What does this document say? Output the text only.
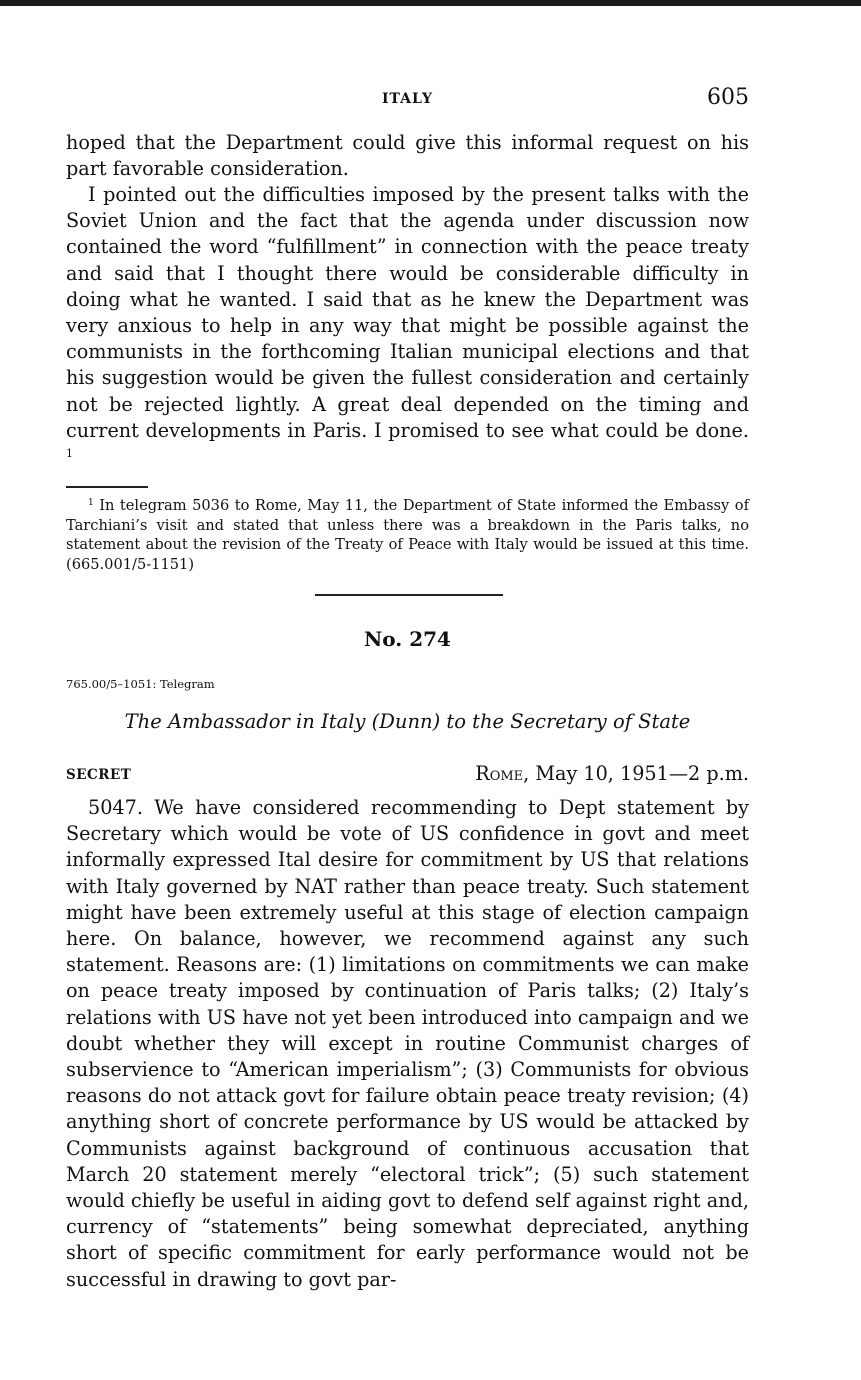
ITALY	605

hoped that the Department could give this informal request on his

part favorable consideration.

I pointed out the difficulties imposed by the present talks with the Soviet Union and the fact that the agenda under discussion now contained the word “fulfillment” in connection with the peace treaty and said that I thought there would be considerable difficulty in doing what he wanted. I said that as he knew the Department was very anxious to help in any way that might be possible against the communists in the forthcoming Italian municipal elections and that his suggestion would be given the fullest consideration and certainly not be rejected lightly. A great deal depended on the timing and current developments in Paris. I promised to see what could be done. $^1$

$^1$ In telegram 5036 to Rome, May 11, the Department of State informed the Embassy of Tarchiani’s visit and stated that unless there was a breakdown in the Paris talks, no statement about the revision of the Treaty of Peace with Italy would be issued at this time. (665.001/5-1151)

No. 274
765.00/5–1051: Telegram
The Ambassador in Italy (Dunn) to the Secretary of State
SECRET	Rome, May 10, 1951—2 p.m.

5047. We have considered recommending to Dept statement by Secretary which would be vote of US confidence in govt and meet informally expressed Ital desire for commitment by US that relations with Italy governed by NAT rather than peace treaty. Such statement might have been extremely useful at this stage of election campaign here. On balance, however, we recommend against any such statement. Reasons are: (1) limitations on commitments we can make on peace treaty imposed by continuation of Paris talks; (2) Italy’s relations with US have not yet been introduced into campaign and we doubt whether they will except in routine Communist charges of subservience to “American imperialism”; (3) Communists for obvious reasons do not attack govt for failure obtain peace treaty revision; (4) anything short of concrete performance by US would be attacked by Communists against background of continuous accusation that March 20 statement merely “electoral trick”; (5) such statement would chiefly be useful in aiding govt to defend self against right and, currency of “statements” being somewhat depreciated, anything short of specific commitment for early performance would not be successful in drawing to govt par-
